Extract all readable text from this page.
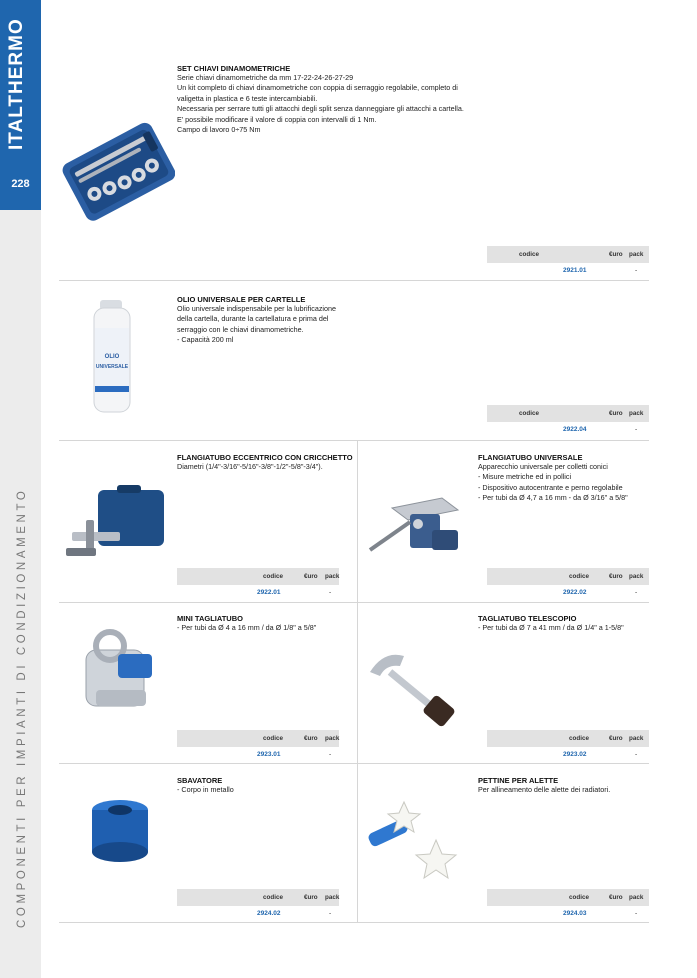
ITALTHERMO
228
COMPONENTI PER IMPIANTI DI CONDIZIONAMENTO
SET CHIAVI DINAMOMETRICHE
Serie chiavi dinamometriche da mm 17-22-24-26-27-29
Un kit completo di chiavi dinamometriche con coppia di serraggio regolabile, completo di
valigetta in plastica e 6 teste intercambiabili.
Necessaria per serrare tutti gli attacchi degli split senza danneggiare gli attacchi a cartella.
E' possibile modificare il valore di coppia con intervalli di 1 Nm.
Campo di lavoro 0÷75 Nm
codice	€uro pack
2921.01	-
OLIO UNIVERSALE PER CARTELLE
Olio universale indispensabile per la lubrificazione
della cartella, durante la cartellatura e prima del
serraggio con le chiavi dinamometriche.
- Capacità 200 ml
OLIO
UNIVERSALE
codice	€uro pack
2922.04	-
FLANGIATUBO ECCENTRICO CON CRICCHETTO
Diametri (1/4"-3/16"-5/16"-3/8"-1/2"-5/8"-3/4").
codice	€uro pack
2922.01	-
FLANGIATUBO UNIVERSALE
Apparecchio universale per colletti conici
- Misure metriche ed in pollici
- Dispositivo autocentrante e perno regolabile
- Per tubi da Ø 4,7 a 16 mm - da Ø 3/16" a 5/8"
codice	€uro pack
2922.02	-
MINI TAGLIATUBO
- Per tubi da Ø 4 a 16 mm / da Ø 1/8" a 5/8"
codice	€uro pack
2923.01	-
TAGLIATUBO TELESCOPIO
- Per tubi da Ø 7 a 41 mm / da Ø 1/4" a 1-5/8"
codice	€uro pack
2923.02	-
SBAVATORE
- Corpo in metallo
codice	€uro pack
2924.02	-
PETTINE PER ALETTE
Per allineamento delle alette dei radiatori.
codice	€uro pack
2924.03	-
